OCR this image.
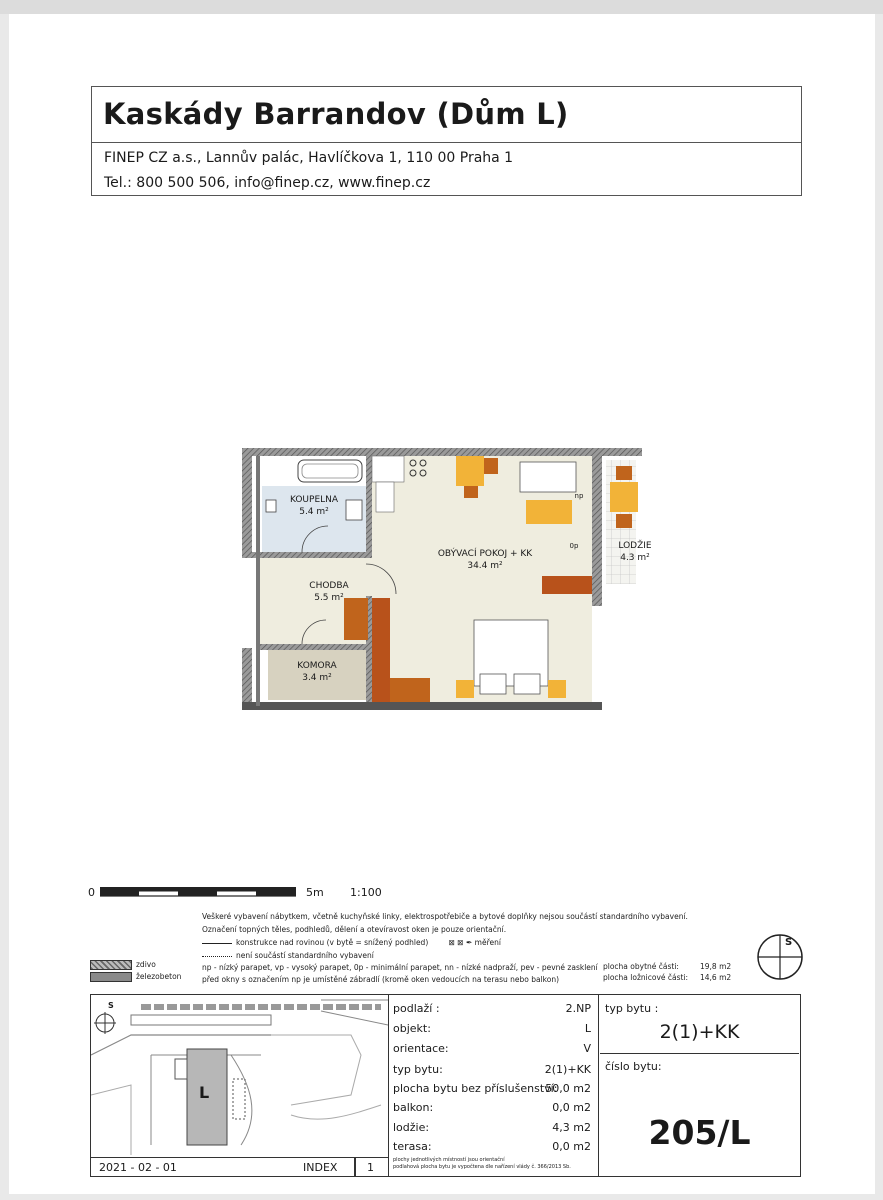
Kaskády Barrandov (Dům L)
FINEP CZ a.s., Lannův palác, Havlíčkova 1, 110 00 Praha 1
Tel.: 800 500 506, info@finep.cz, www.finep.cz
KOUPELNA
5.4 m²
CHODBA
5.5 m²
KOMORA
3.4 m²
OBÝVACÍ POKOJ + KK
34.4 m²
LODŽIE
4.3 m²
np
0p
0	5m 1:100
Veškeré vybavení nábytkem, včetně kuchyňské linky, elektrospotřebiče a bytové doplňky nejsou součástí standardního vybavení.
Označení topných těles, podhledů, dělení a otevíravost oken je pouze orientační.
konstrukce nad rovinou (v bytě = snížený podhled)	⊠ ⊠ ✒ měření
není součástí standardního vybavení
np - nízký parapet, vp - vysoký parapet, 0p - minimální parapet, nn - nízké nadpraží, pev - pevné zasklení
před okny s označením np je umístěné zábradlí (kromě oken vedoucích na terasu nebo balkon)
zdivo
železobeton
plocha obytné části:	19,8 m2
plocha ložnicové části: 14,6 m2
S
S
L
2021 - 02 - 01	INDEX	1
podlaží :	2.NP
objekt:	L
orientace:	V
typ bytu:	2(1)+KK
plocha bytu bez příslušenství:
50,0 m2
balkon:	0,0 m2
lodžie:	4,3 m2
terasa:	0,0 m2
plochy jednotlivých místností jsou orientační
podlahová plocha bytu je vypočtena dle nařízení vlády č. 366/2013 Sb.
typ bytu :
2(1)+KK
číslo bytu:
205/L
